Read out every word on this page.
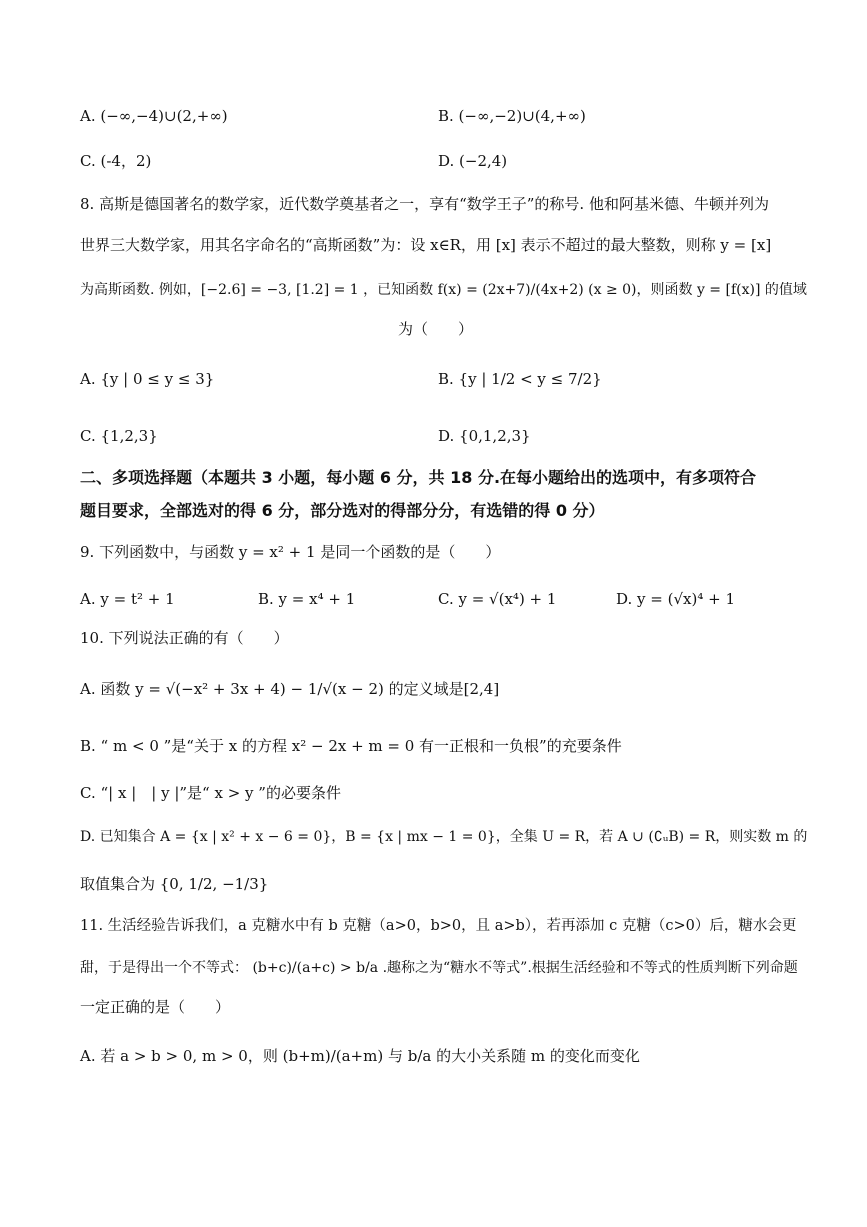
A. (−∞,−4)∪(2,+∞)	B. (−∞,−2)∪(4,+∞)
C. (-4，2)	D. (−2,4)
8. 高斯是德国著名的数学家，近代数学奠基者之一，享有“数学王子”的称号. 他和阿基米德、牛顿并列为
世界三大数学家，用其名字命名的“高斯函数”为：设 x∈R，用 [x] 表示不超过的最大整数，则称 y = [x]
为高斯函数. 例如，[−2.6] = −3, [1.2] = 1 ，已知函数 f(x) = (2x+7)/(4x+2) (x ≥ 0)，则函数 y = [f(x)] 的值域
为（　　）
A. {y | 0 ≤ y ≤ 3}	B. {y | 1/2 < y ≤ 7/2}
C. {1,2,3}	D. {0,1,2,3}
二、多项选择题（本题共 3 小题，每小题 6 分，共 18 分.在每小题给出的选项中，有多项符合
题目要求，全部选对的得 6 分，部分选对的得部分分，有选错的得 0 分）
9. 下列函数中，与函数 y = x² + 1 是同一个函数的是（　　）
A. y = t² + 1	B. y = x⁴ + 1	C. y = √(x⁴) + 1	D. y = (√x)⁴ + 1
10. 下列说法正确的有（　　）
A. 函数 y = √(−x² + 3x + 4) − 1/√(x − 2) 的定义域是[2,4]
B. “ m < 0 ”是“关于 x 的方程 x² − 2x + m = 0 有一正根和一负根”的充要条件
C. “| x |　| y |”是“ x > y ”的必要条件
D. 已知集合 A = {x | x² + x − 6 = 0}，B = {x | mx − 1 = 0}，全集 U = R，若 A ∪ (∁ᵤB) = R，则实数 m 的
取值集合为 {0, 1/2, −1/3}
11. 生活经验告诉我们，a 克糖水中有 b 克糖（a>0，b>0，且 a>b），若再添加 c 克糖（c>0）后，糖水会更
甜，于是得出一个不等式： (b+c)/(a+c) > b/a .趣称之为“糖水不等式”.根据生活经验和不等式的性质判断下列命题
一定正确的是（　　）
A. 若 a > b > 0, m > 0，则 (b+m)/(a+m) 与 b/a 的大小关系随 m 的变化而变化
